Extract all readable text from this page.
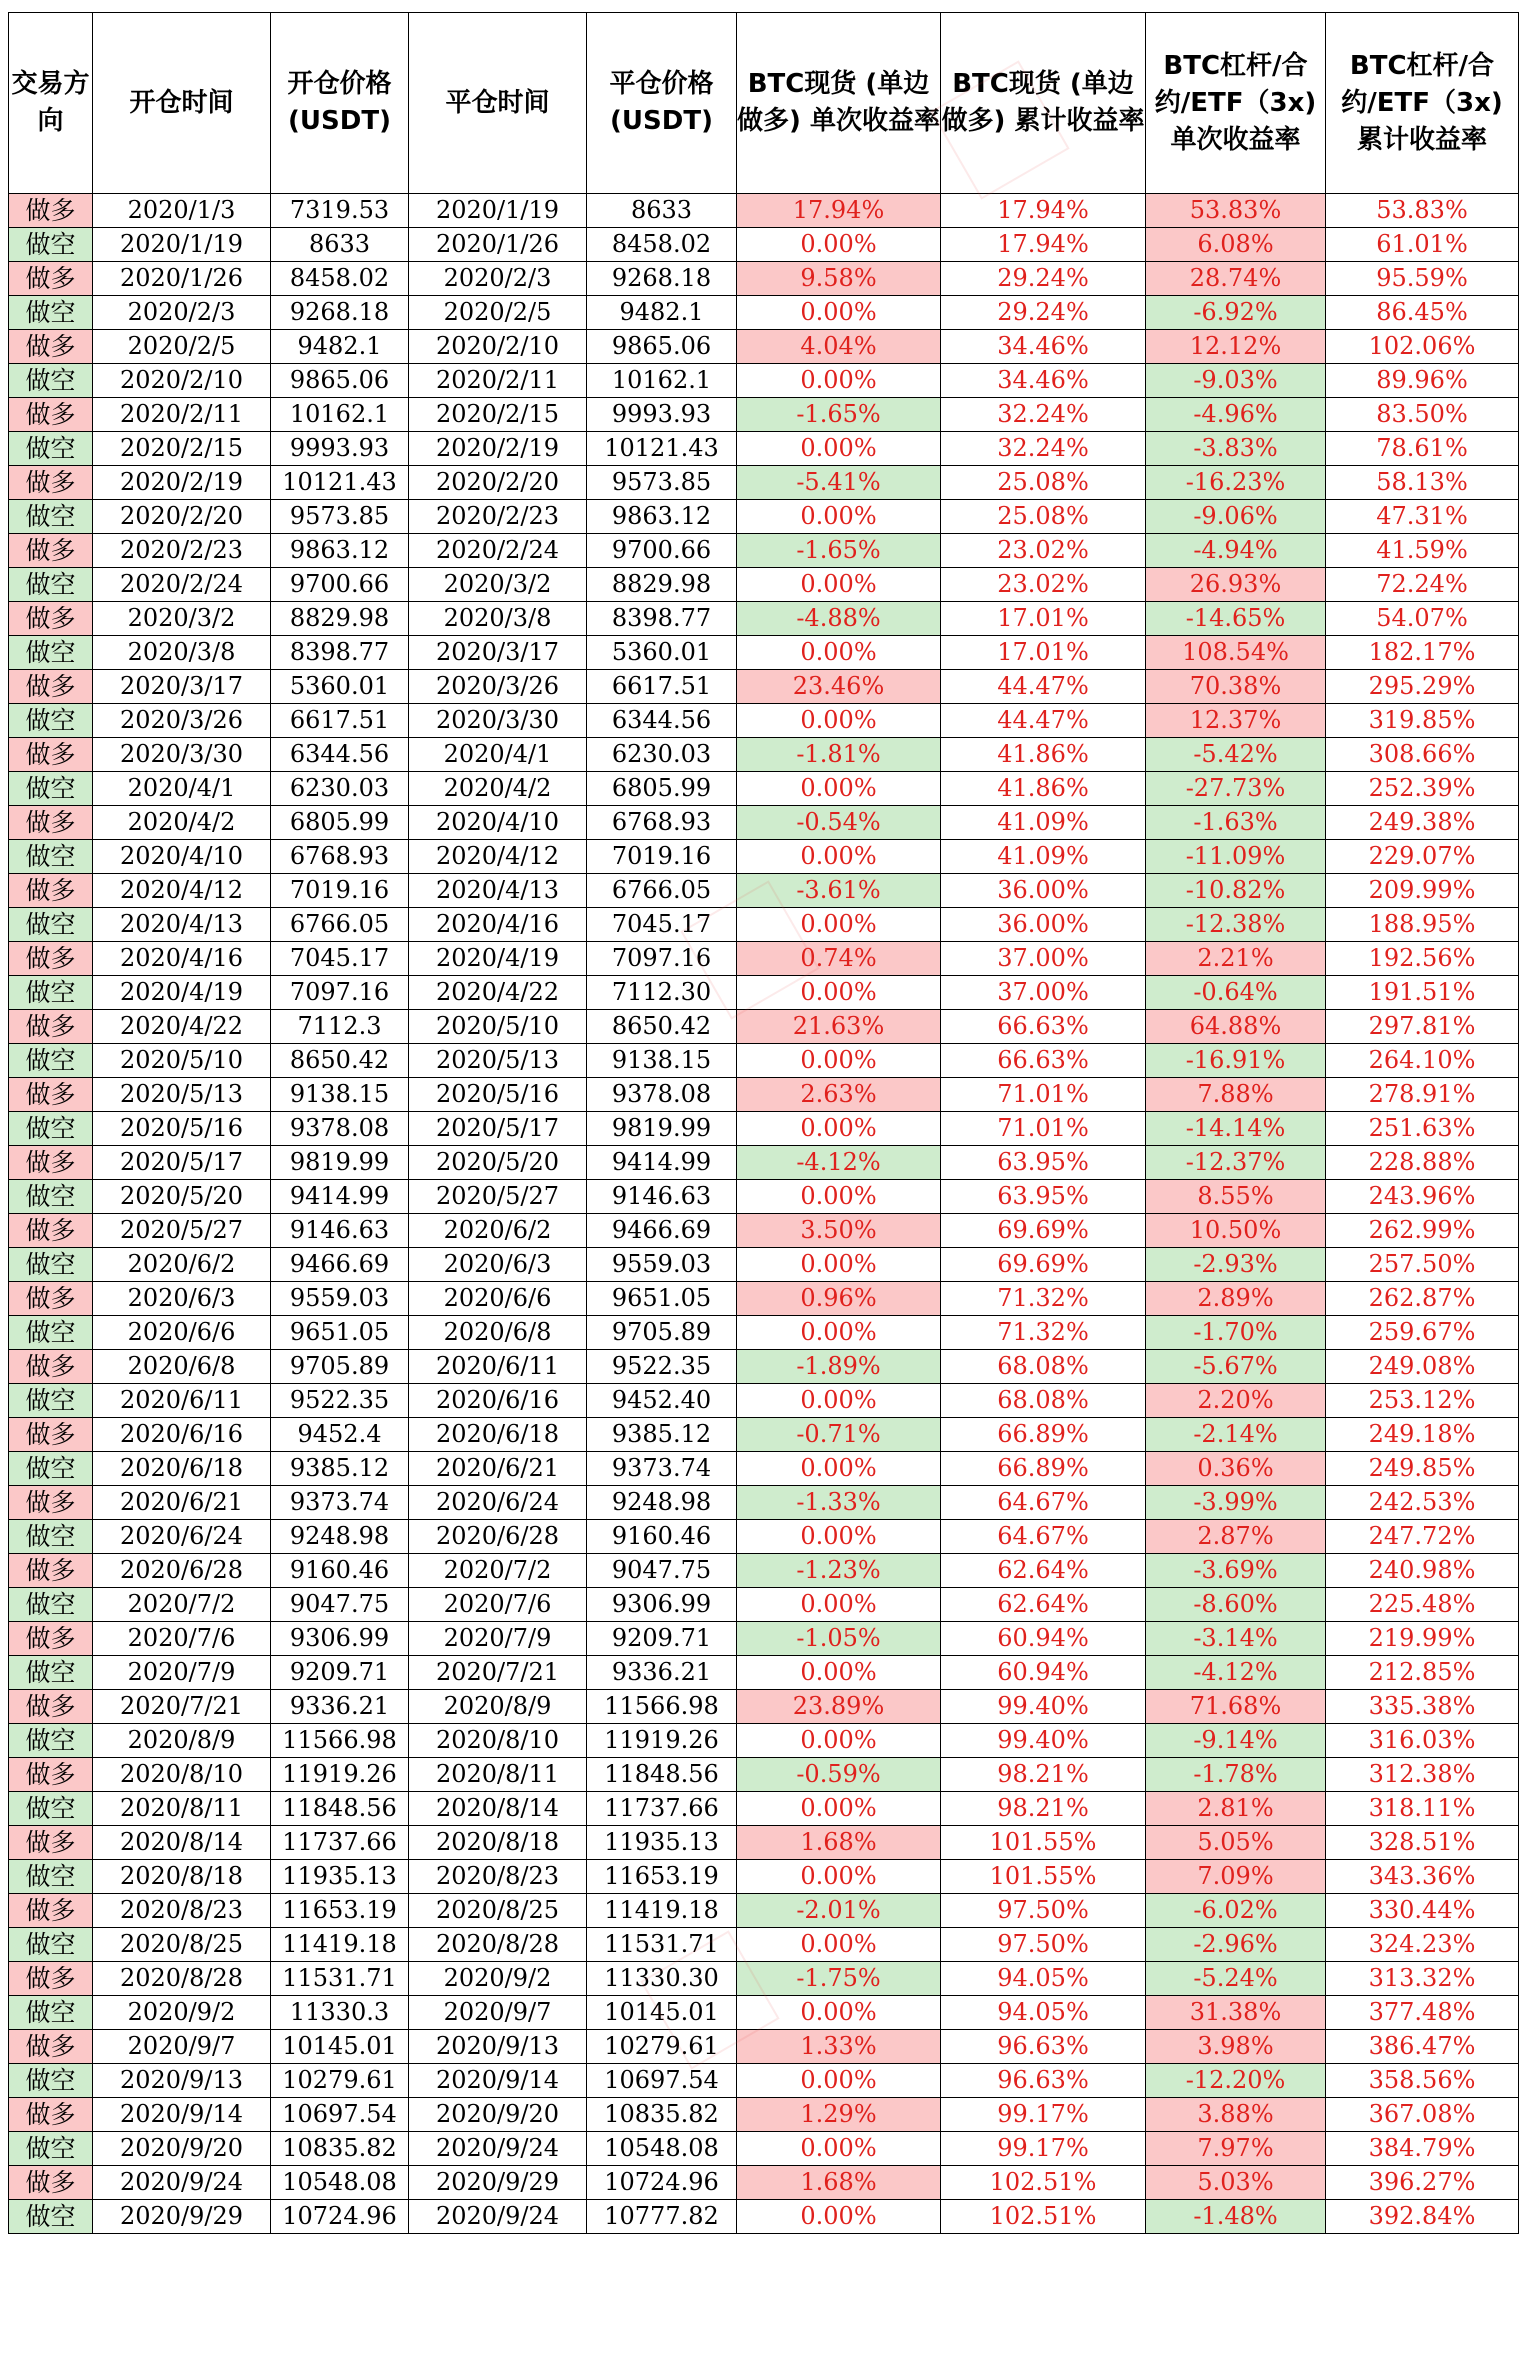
交易方向	开仓时间	开仓价格 (USDT)	平仓时间	平仓价格 (USDT)	BTC现货 (单边做多) 单次收益率	BTC现货 (单边做多) 累计收益率	BTC杠杆/合约/ETF（3x) 单次收益率	BTC杠杆/合约/ETF（3x) 累计收益率
做多	2020/1/3	7319.53	2020/1/19	8633	17.94%	17.94%	53.83%	53.83%
做空	2020/1/19	8633	2020/1/26	8458.02	0.00%	17.94%	6.08%	61.01%
做多	2020/1/26	8458.02	2020/2/3	9268.18	9.58%	29.24%	28.74%	95.59%
做空	2020/2/3	9268.18	2020/2/5	9482.1	0.00%	29.24%	-6.92%	86.45%
做多	2020/2/5	9482.1	2020/2/10	9865.06	4.04%	34.46%	12.12%	102.06%
做空	2020/2/10	9865.06	2020/2/11	10162.1	0.00%	34.46%	-9.03%	89.96%
做多	2020/2/11	10162.1	2020/2/15	9993.93	-1.65%	32.24%	-4.96%	83.50%
做空	2020/2/15	9993.93	2020/2/19	10121.43	0.00%	32.24%	-3.83%	78.61%
做多	2020/2/19	10121.43	2020/2/20	9573.85	-5.41%	25.08%	-16.23%	58.13%
做空	2020/2/20	9573.85	2020/2/23	9863.12	0.00%	25.08%	-9.06%	47.31%
做多	2020/2/23	9863.12	2020/2/24	9700.66	-1.65%	23.02%	-4.94%	41.59%
做空	2020/2/24	9700.66	2020/3/2	8829.98	0.00%	23.02%	26.93%	72.24%
做多	2020/3/2	8829.98	2020/3/8	8398.77	-4.88%	17.01%	-14.65%	54.07%
做空	2020/3/8	8398.77	2020/3/17	5360.01	0.00%	17.01%	108.54%	182.17%
做多	2020/3/17	5360.01	2020/3/26	6617.51	23.46%	44.47%	70.38%	295.29%
做空	2020/3/26	6617.51	2020/3/30	6344.56	0.00%	44.47%	12.37%	319.85%
做多	2020/3/30	6344.56	2020/4/1	6230.03	-1.81%	41.86%	-5.42%	308.66%
做空	2020/4/1	6230.03	2020/4/2	6805.99	0.00%	41.86%	-27.73%	252.39%
做多	2020/4/2	6805.99	2020/4/10	6768.93	-0.54%	41.09%	-1.63%	249.38%
做空	2020/4/10	6768.93	2020/4/12	7019.16	0.00%	41.09%	-11.09%	229.07%
做多	2020/4/12	7019.16	2020/4/13	6766.05	-3.61%	36.00%	-10.82%	209.99%
做空	2020/4/13	6766.05	2020/4/16	7045.17	0.00%	36.00%	-12.38%	188.95%
做多	2020/4/16	7045.17	2020/4/19	7097.16	0.74%	37.00%	2.21%	192.56%
做空	2020/4/19	7097.16	2020/4/22	7112.30	0.00%	37.00%	-0.64%	191.51%
做多	2020/4/22	7112.3	2020/5/10	8650.42	21.63%	66.63%	64.88%	297.81%
做空	2020/5/10	8650.42	2020/5/13	9138.15	0.00%	66.63%	-16.91%	264.10%
做多	2020/5/13	9138.15	2020/5/16	9378.08	2.63%	71.01%	7.88%	278.91%
做空	2020/5/16	9378.08	2020/5/17	9819.99	0.00%	71.01%	-14.14%	251.63%
做多	2020/5/17	9819.99	2020/5/20	9414.99	-4.12%	63.95%	-12.37%	228.88%
做空	2020/5/20	9414.99	2020/5/27	9146.63	0.00%	63.95%	8.55%	243.96%
做多	2020/5/27	9146.63	2020/6/2	9466.69	3.50%	69.69%	10.50%	262.99%
做空	2020/6/2	9466.69	2020/6/3	9559.03	0.00%	69.69%	-2.93%	257.50%
做多	2020/6/3	9559.03	2020/6/6	9651.05	0.96%	71.32%	2.89%	262.87%
做空	2020/6/6	9651.05	2020/6/8	9705.89	0.00%	71.32%	-1.70%	259.67%
做多	2020/6/8	9705.89	2020/6/11	9522.35	-1.89%	68.08%	-5.67%	249.08%
做空	2020/6/11	9522.35	2020/6/16	9452.40	0.00%	68.08%	2.20%	253.12%
做多	2020/6/16	9452.4	2020/6/18	9385.12	-0.71%	66.89%	-2.14%	249.18%
做空	2020/6/18	9385.12	2020/6/21	9373.74	0.00%	66.89%	0.36%	249.85%
做多	2020/6/21	9373.74	2020/6/24	9248.98	-1.33%	64.67%	-3.99%	242.53%
做空	2020/6/24	9248.98	2020/6/28	9160.46	0.00%	64.67%	2.87%	247.72%
做多	2020/6/28	9160.46	2020/7/2	9047.75	-1.23%	62.64%	-3.69%	240.98%
做空	2020/7/2	9047.75	2020/7/6	9306.99	0.00%	62.64%	-8.60%	225.48%
做多	2020/7/6	9306.99	2020/7/9	9209.71	-1.05%	60.94%	-3.14%	219.99%
做空	2020/7/9	9209.71	2020/7/21	9336.21	0.00%	60.94%	-4.12%	212.85%
做多	2020/7/21	9336.21	2020/8/9	11566.98	23.89%	99.40%	71.68%	335.38%
做空	2020/8/9	11566.98	2020/8/10	11919.26	0.00%	99.40%	-9.14%	316.03%
做多	2020/8/10	11919.26	2020/8/11	11848.56	-0.59%	98.21%	-1.78%	312.38%
做空	2020/8/11	11848.56	2020/8/14	11737.66	0.00%	98.21%	2.81%	318.11%
做多	2020/8/14	11737.66	2020/8/18	11935.13	1.68%	101.55%	5.05%	328.51%
做空	2020/8/18	11935.13	2020/8/23	11653.19	0.00%	101.55%	7.09%	343.36%
做多	2020/8/23	11653.19	2020/8/25	11419.18	-2.01%	97.50%	-6.02%	330.44%
做空	2020/8/25	11419.18	2020/8/28	11531.71	0.00%	97.50%	-2.96%	324.23%
做多	2020/8/28	11531.71	2020/9/2	11330.30	-1.75%	94.05%	-5.24%	313.32%
做空	2020/9/2	11330.3	2020/9/7	10145.01	0.00%	94.05%	31.38%	377.48%
做多	2020/9/7	10145.01	2020/9/13	10279.61	1.33%	96.63%	3.98%	386.47%
做空	2020/9/13	10279.61	2020/9/14	10697.54	0.00%	96.63%	-12.20%	358.56%
做多	2020/9/14	10697.54	2020/9/20	10835.82	1.29%	99.17%	3.88%	367.08%
做空	2020/9/20	10835.82	2020/9/24	10548.08	0.00%	99.17%	7.97%	384.79%
做多	2020/9/24	10548.08	2020/9/29	10724.96	1.68%	102.51%	5.03%	396.27%
做空	2020/9/29	10724.96	2020/9/24	10777.82	0.00%	102.51%	-1.48%	392.84%
